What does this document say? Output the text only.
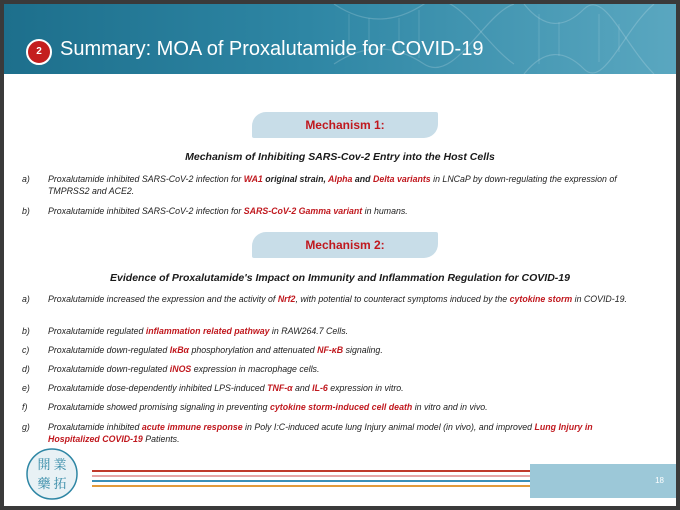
2 Summary: MOA of Proxalutamide for COVID-19
Mechanism 1:
Mechanism of Inhibiting SARS-Cov-2 Entry into the Host Cells
a)	Proxalutamide inhibited SARS-CoV-2 infection for WA1 original strain, Alpha and Delta variants in LNCaP by down-regulating the expression of TMPRSS2 and ACE2.
b)	Proxalutamide inhibited SARS-CoV-2 infection for SARS-CoV-2 Gamma variant in humans.
Mechanism 2:
Evidence of Proxalutamide's Impact on Immunity and Inflammation Regulation for COVID-19
a)	Proxalutamide increased the expression and the activity of Nrf2, with potential to counteract symptoms induced by the cytokine storm in COVID-19.
b)	Proxalutamide regulated inflammation related pathway in RAW264.7 Cells.
c)	Proxalutamide down-regulated IκBα phosphorylation and attenuated NF-κB signaling.
d)	Proxalutamide down-regulated iNOS expression in macrophage cells.
e)	Proxalutamide dose-dependently inhibited LPS-induced TNF-α and IL-6 expression in vitro.
f)	Proxalutamide showed promising signaling in preventing cytokine storm-induced cell death in vitro and in vivo.
g)	Proxalutamide inhibited acute immune response in Poly I:C-induced acute lung Injury animal model (in vivo), and improved Lung Injury in Hospitalized COVID-19 Patients.
開 業
藥 拓	18
